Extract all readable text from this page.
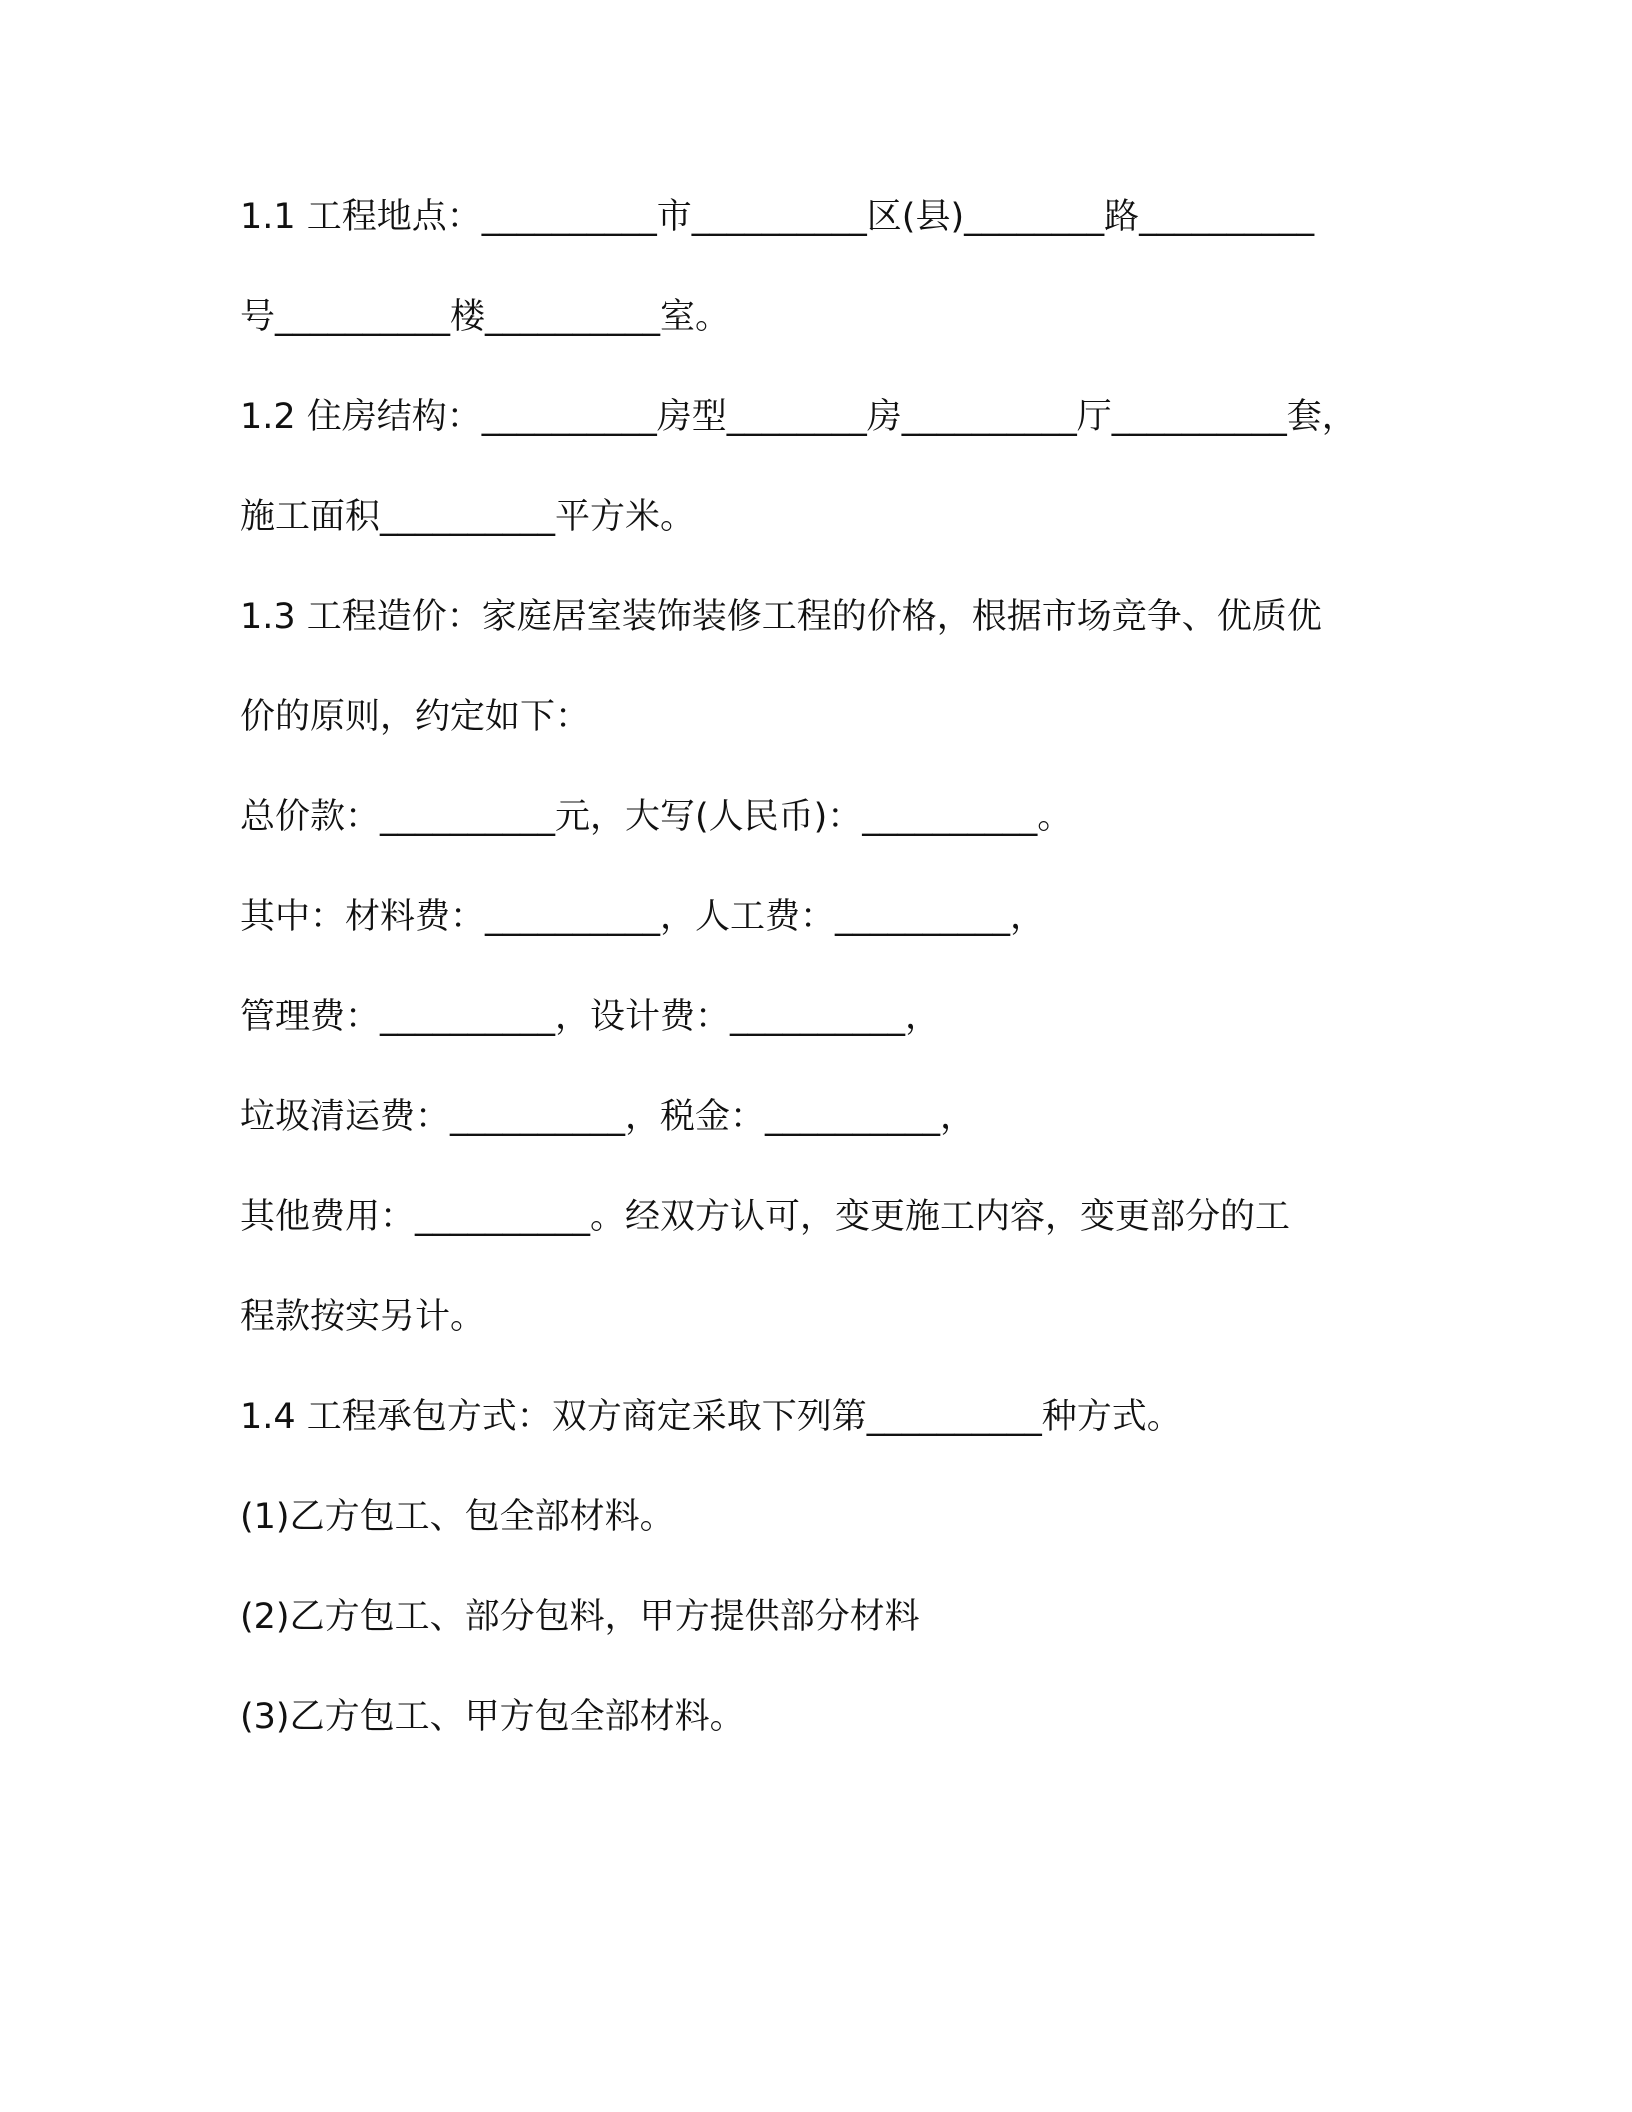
1.1 工程地点：__________市__________区(县)________路__________
号__________楼__________室。
1.2 住房结构：__________房型________房__________厅__________套，
施工面积__________平方米。
1.3 工程造价：家庭居室装饰装修工程的价格，根据市场竞争、优质优
价的原则，约定如下：
总价款：__________元，大写(人民币)：__________。
其中：材料费：__________，人工费：__________，
管理费：__________，设计费：__________，
垃圾清运费：__________，税金：__________，
其他费用：__________。经双方认可，变更施工内容，变更部分的工
程款按实另计。
1.4 工程承包方式：双方商定采取下列第__________种方式。
(1)乙方包工、包全部材料。
(2)乙方包工、部分包料，甲方提供部分材料
(3)乙方包工、甲方包全部材料。
